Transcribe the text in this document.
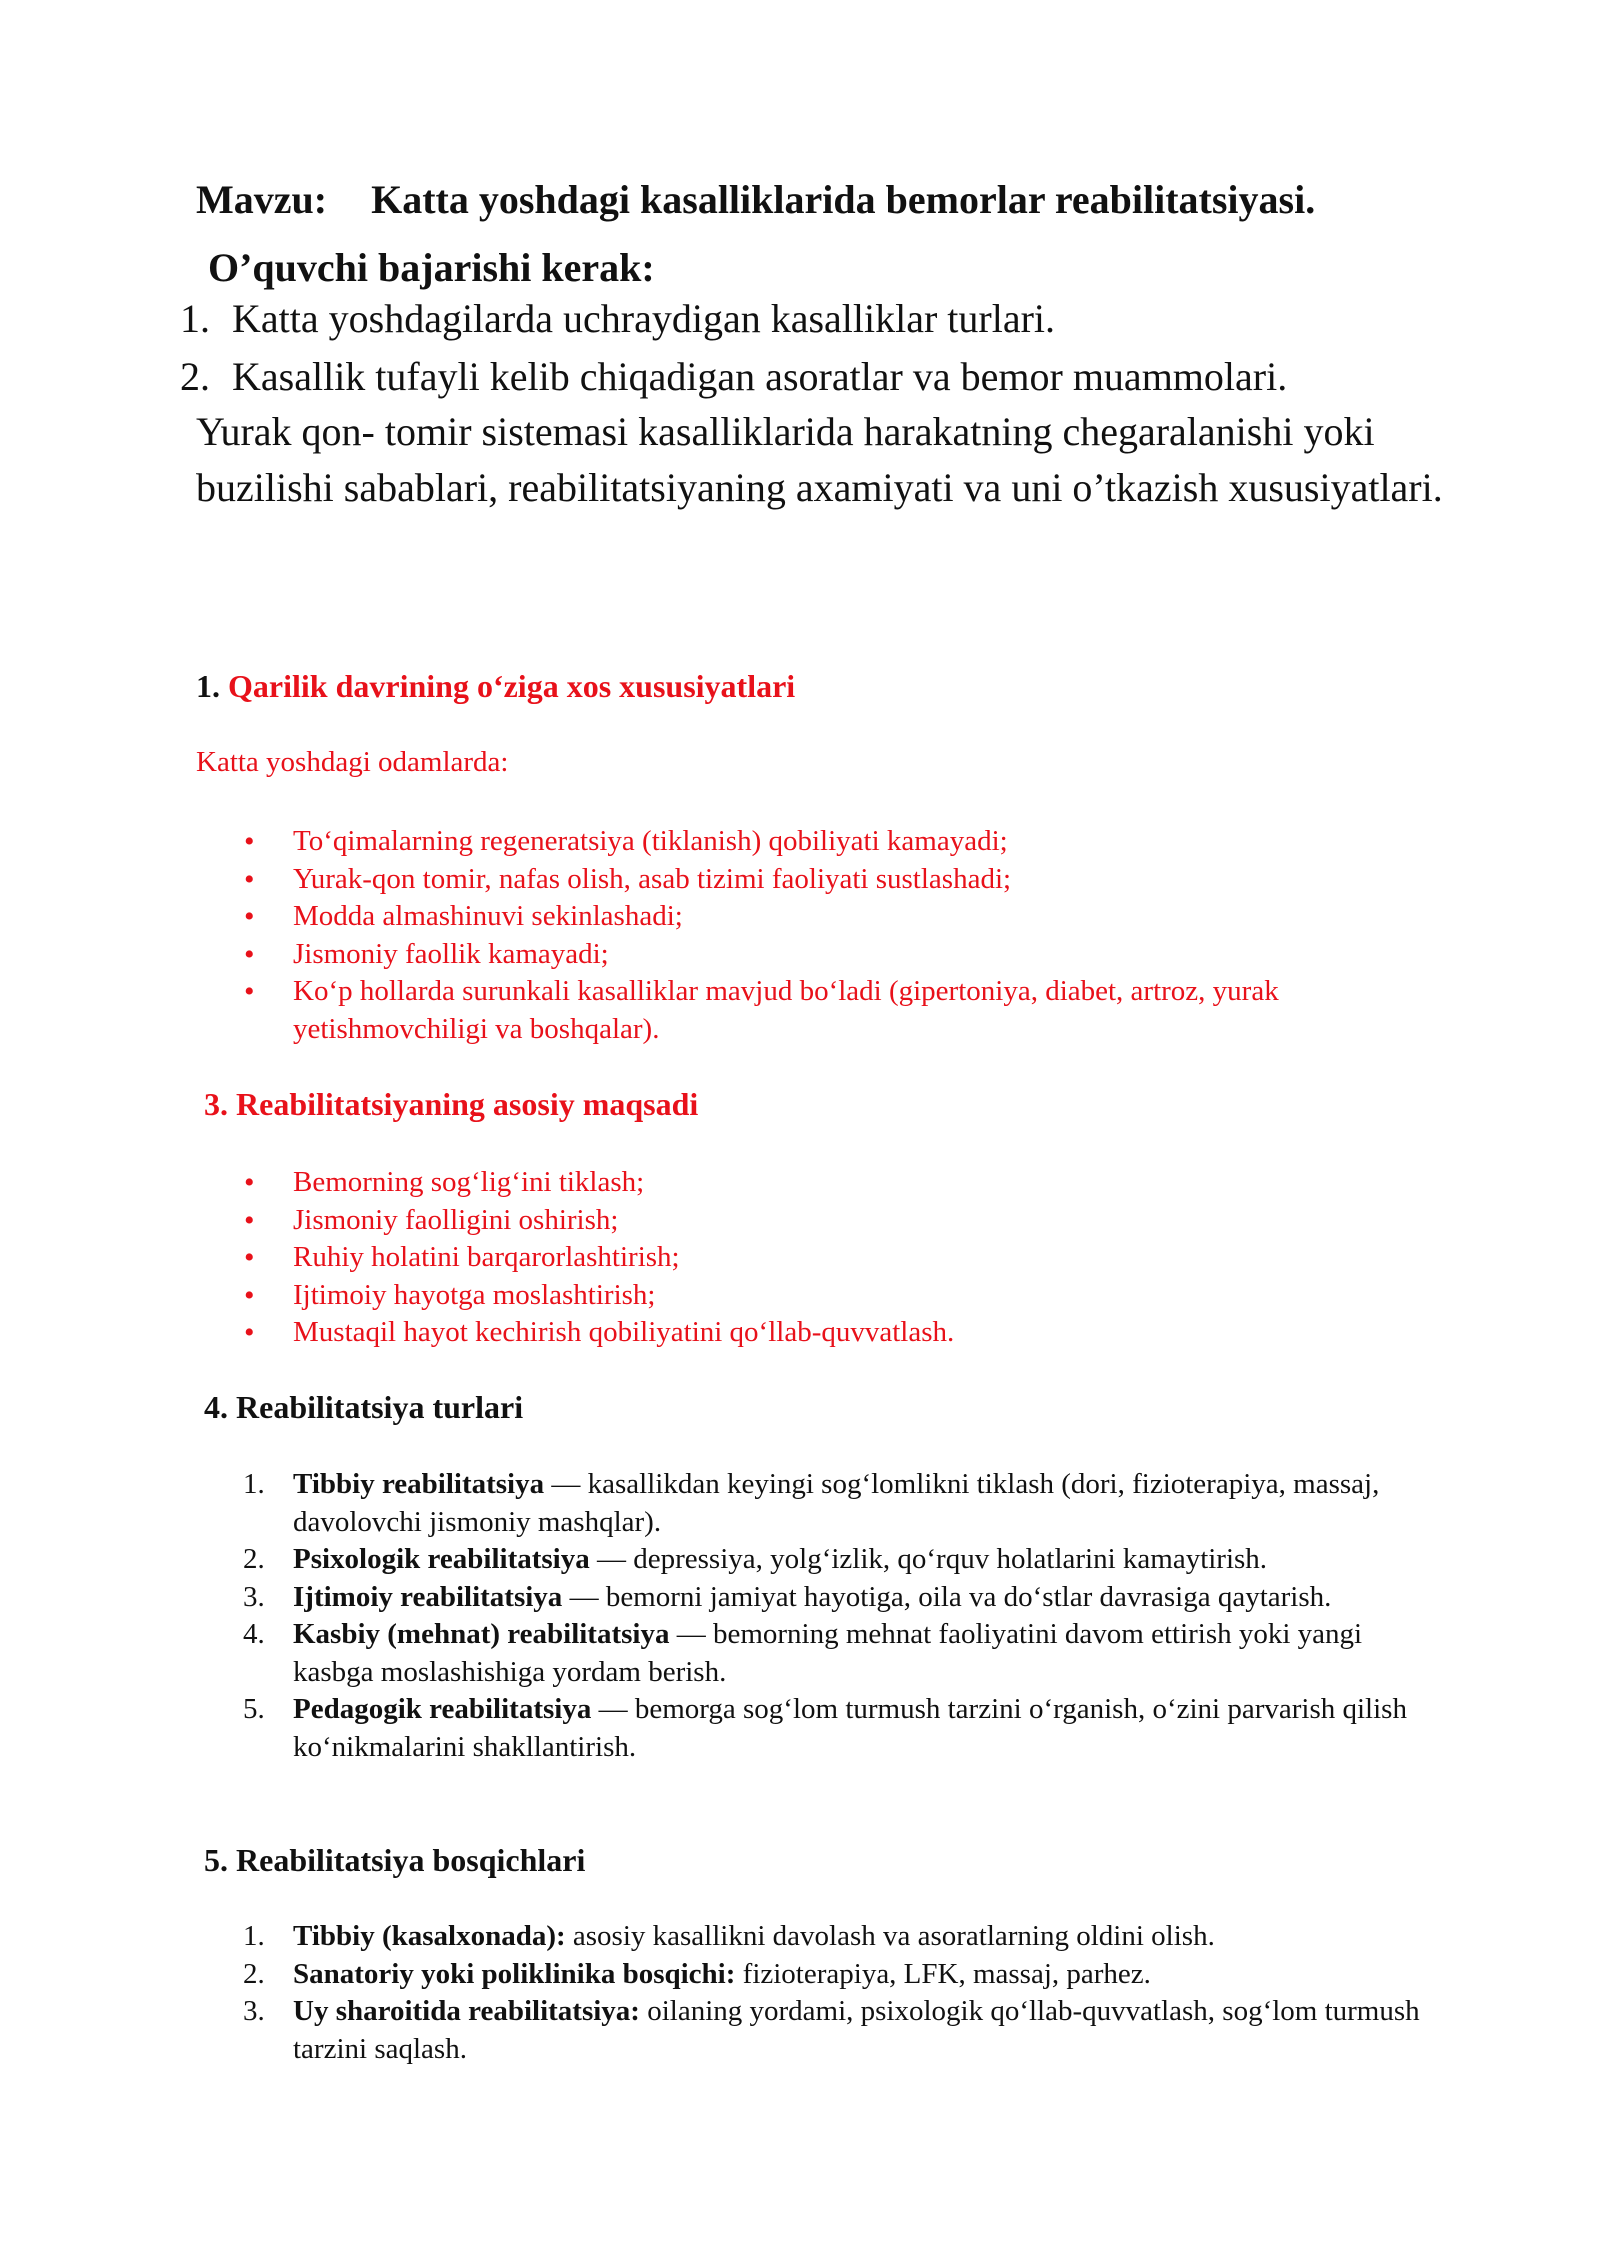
Mavzu: Katta yoshdagi kasalliklarida bemorlar reabilitatsiyasi.
O’quvchi bajarishi kerak:
1. Katta yoshdagilarda uchraydigan kasalliklar turlari.
2. Kasallik tufayli kelib chiqadigan asoratlar va bemor muammolari.

Yurak qon- tomir sistemasi kasalliklarida harakatning chegaralanishi yoki buzilishi sabablari, reabilitatsiyaning axamiyati va uni o’tkazish xususiyatlari.

1. Qarilik davrining o‘ziga xos xususiyatlari

Katta yoshdagi odamlarda:

• To‘qimalarning regeneratsiya (tiklanish) qobiliyati kamayadi;
• Yurak-qon tomir, nafas olish, asab tizimi faoliyati sustlashadi;
• Modda almashinuvi sekinlashadi;
• Jismoniy faollik kamayadi;
• Ko‘p hollarda surunkali kasalliklar mavjud bo‘ladi (gipertoniya, diabet, artroz, yurak yetishmovchiligi va boshqalar).
3. Reabilitatsiyaning asosiy maqsadi
• Bemorning sog‘lig‘ini tiklash;
• Jismoniy faolligini oshirish;
• Ruhiy holatini barqarorlashtirish;
• Ijtimoiy hayotga moslashtirish;
• Mustaqil hayot kechirish qobiliyatini qo‘llab-quvvatlash.
4. Reabilitatsiya turlari
1. Tibbiy reabilitatsiya — kasallikdan keyingi sog‘lomlikni tiklash (dori, fizioterapiya, massaj, davolovchi jismoniy mashqlar).
2. Psixologik reabilitatsiya — depressiya, yolg‘izlik, qo‘rquv holatlarini kamaytirish.
3. Ijtimoiy reabilitatsiya — bemorni jamiyat hayotiga, oila va do‘stlar davrasiga qaytarish.
4. Kasbiy (mehnat) reabilitatsiya — bemorning mehnat faoliyatini davom ettirish yoki yangi kasbga moslashishiga yordam berish.
5. Pedagogik reabilitatsiya — bemorga sog‘lom turmush tarzini o‘rganish, o‘zini parvarish qilish ko‘nikmalarini shakllantirish.
5. Reabilitatsiya bosqichlari
1. Tibbiy (kasalxonada): asosiy kasallikni davolash va asoratlarning oldini olish.
2. Sanatoriy yoki poliklinika bosqichi: fizioterapiya, LFK, massaj, parhez.
3. Uy sharoitida reabilitatsiya: oilaning yordami, psixologik qo‘llab-quvvatlash, sog‘lom turmush tarzini saqlash.
